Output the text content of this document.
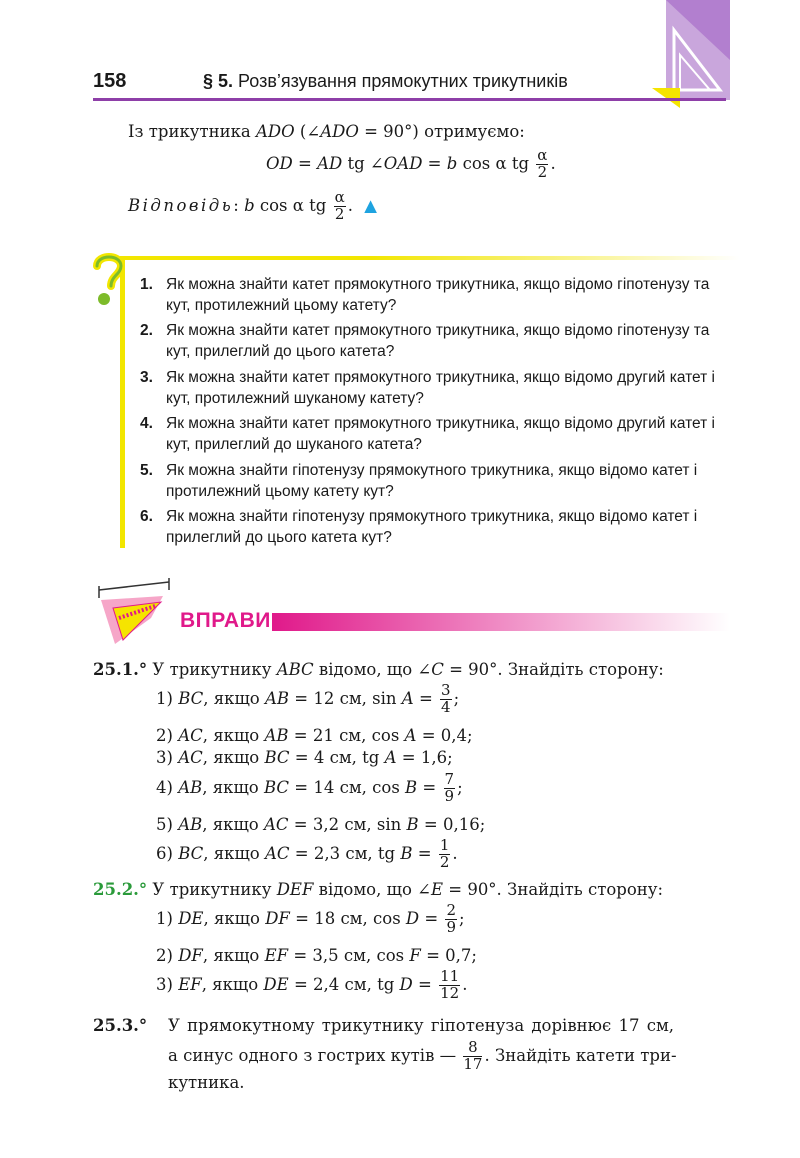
158	§ 5. Розв’язування прямокутних трикутників
Із трикутника ADO (∠ADO = 90°) отримуємо:
OD = AD tg ∠OAD = b cos α tg $\frac{\alpha}{2}$ .
Відповідь: b cos α tg $\frac{\alpha}{2}$ . ▲
1. Як можна знайти катет прямокутного трикутника, якщо відомо гіпотенузу та кут, протилежний цьому катету?
2. Як можна знайти катет прямокутного трикутника, якщо відомо гіпотенузу та кут, прилеглий до цього катета?
3. Як можна знайти катет прямокутного трикутника, якщо відомо другий катет і кут, протилежний шуканому катету?
4. Як можна знайти катет прямокутного трикутника, якщо відомо другий катет і кут, прилеглий до шуканого катета?
5. Як можна знайти гіпотенузу прямокутного трикутника, якщо відомо катет і протилежний цьому катету кут?
6. Як можна знайти гіпотенузу прямокутного трикутника, якщо відомо катет і прилеглий до цього катета кут?
ВПРАВИ
25.1.° У трикутнику ABC відомо, що ∠C = 90°. Знайдіть сторону:
1) BC, якщо AB = 12 см, $\sin A = \frac{3}{4}$ ;
2) AC, якщо AB = 21 см, cos A = 0,4;
3) AC, якщо BC = 4 см, tg A = 1,6;
4) AB, якщо BC = 14 см, $\cos B = \frac{7}{9}$ ;
5) AB, якщо AC = 3,2 см, sin B = 0,16;
6) BC, якщо AC = 2,3 см, tg $B = \frac{1}{2}$ .
25.2.° У трикутнику DEF відомо, що ∠E = 90°. Знайдіть сторону:
1) DE, якщо DF = 18 см, $\cos D = \frac{2}{9}$ ;
2) DF, якщо EF = 3,5 см, cos F = 0,7;
3) EF, якщо DE = 2,4 см, tg $D = \frac{11}{12}$ .
25.3.° У прямокутному трикутнику гіпотенуза дорівнює 17 см,
а синус одного з гострих кутів — $\frac{8}{17}$ . Знайдіть катети три-
кутника.
